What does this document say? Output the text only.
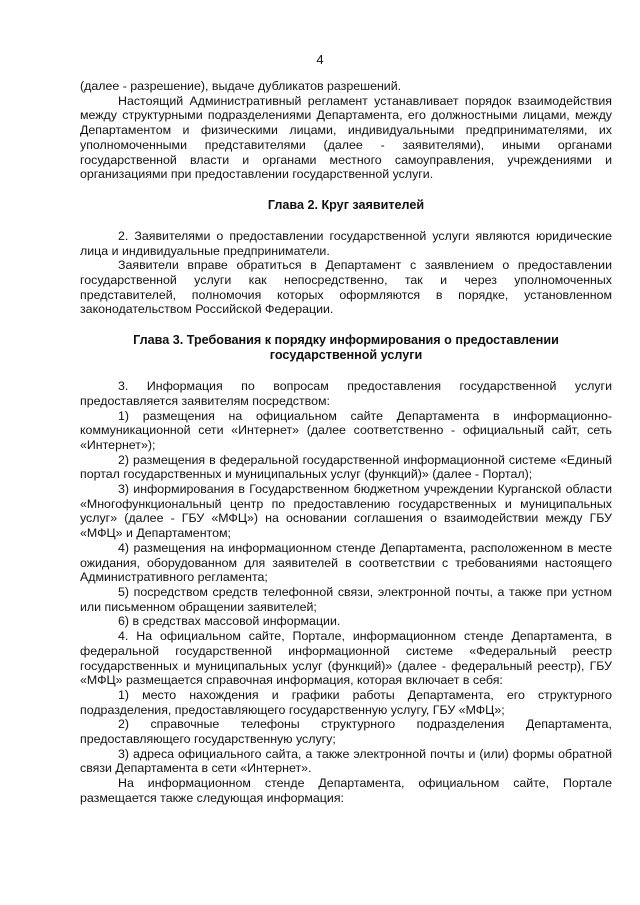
4

(далее - разрешение), выдаче дубликатов разрешений.

Настоящий Административный регламент устанавливает порядок взаимодействия между структурными подразделениями Департамента, его должностными лицами, между Департаментом и физическими лицами, индивидуальными предпринимателями, их уполномоченными представителями (далее - заявителями), иными органами государственной власти и органами местного самоуправления, учреждениями и организациями при предоставлении государственной услуги.

Глава 2. Круг заявителей

2. Заявителями о предоставлении государственной услуги являются юридические лица и индивидуальные предприниматели.

Заявители вправе обратиться в Департамент с заявлением о предоставлении государственной услуги как непосредственно, так и через уполномоченных представителей, полномочия которых оформляются в порядке, установленном законодательством Российской Федерации.

Глава 3. Требования к порядку информирования о предоставлении государственной услуги

3. Информация по вопросам предоставления государственной услуги предоставляется заявителям посредством:

1) размещения на официальном сайте Департамента в информационно-коммуникационной сети «Интернет» (далее соответственно - официальный сайт, сеть «Интернет»);

2) размещения в федеральной государственной информационной системе «Единый портал государственных и муниципальных услуг (функций)» (далее - Портал);

3) информирования в Государственном бюджетном учреждении Курганской области «Многофункциональный центр по предоставлению государственных и муниципальных услуг» (далее - ГБУ «МФЦ») на основании соглашения о взаимодействии между ГБУ «МФЦ» и Департаментом;

4) размещения на информационном стенде Департамента, расположенном в месте ожидания, оборудованном для заявителей в соответствии с требованиями настоящего Административного регламента;

5) посредством средств телефонной связи, электронной почты, а также при устном или письменном обращении заявителей;

6) в средствах массовой информации.

4. На официальном сайте, Портале, информационном стенде Департамента, в федеральной государственной информационной системе «Федеральный реестр государственных и муниципальных услуг (функций)» (далее - федеральный реестр), ГБУ «МФЦ» размещается справочная информация, которая включает в себя:

1) место нахождения и графики работы Департамента, его структурного подразделения, предоставляющего государственную услугу, ГБУ «МФЦ»;

2) справочные телефоны структурного подразделения Департамента, предоставляющего государственную услугу;

3) адреса официального сайта, а также электронной почты и (или) формы обратной связи Департамента в сети «Интернет».

На информационном стенде Департамента, официальном сайте, Портале размещается также следующая информация:
